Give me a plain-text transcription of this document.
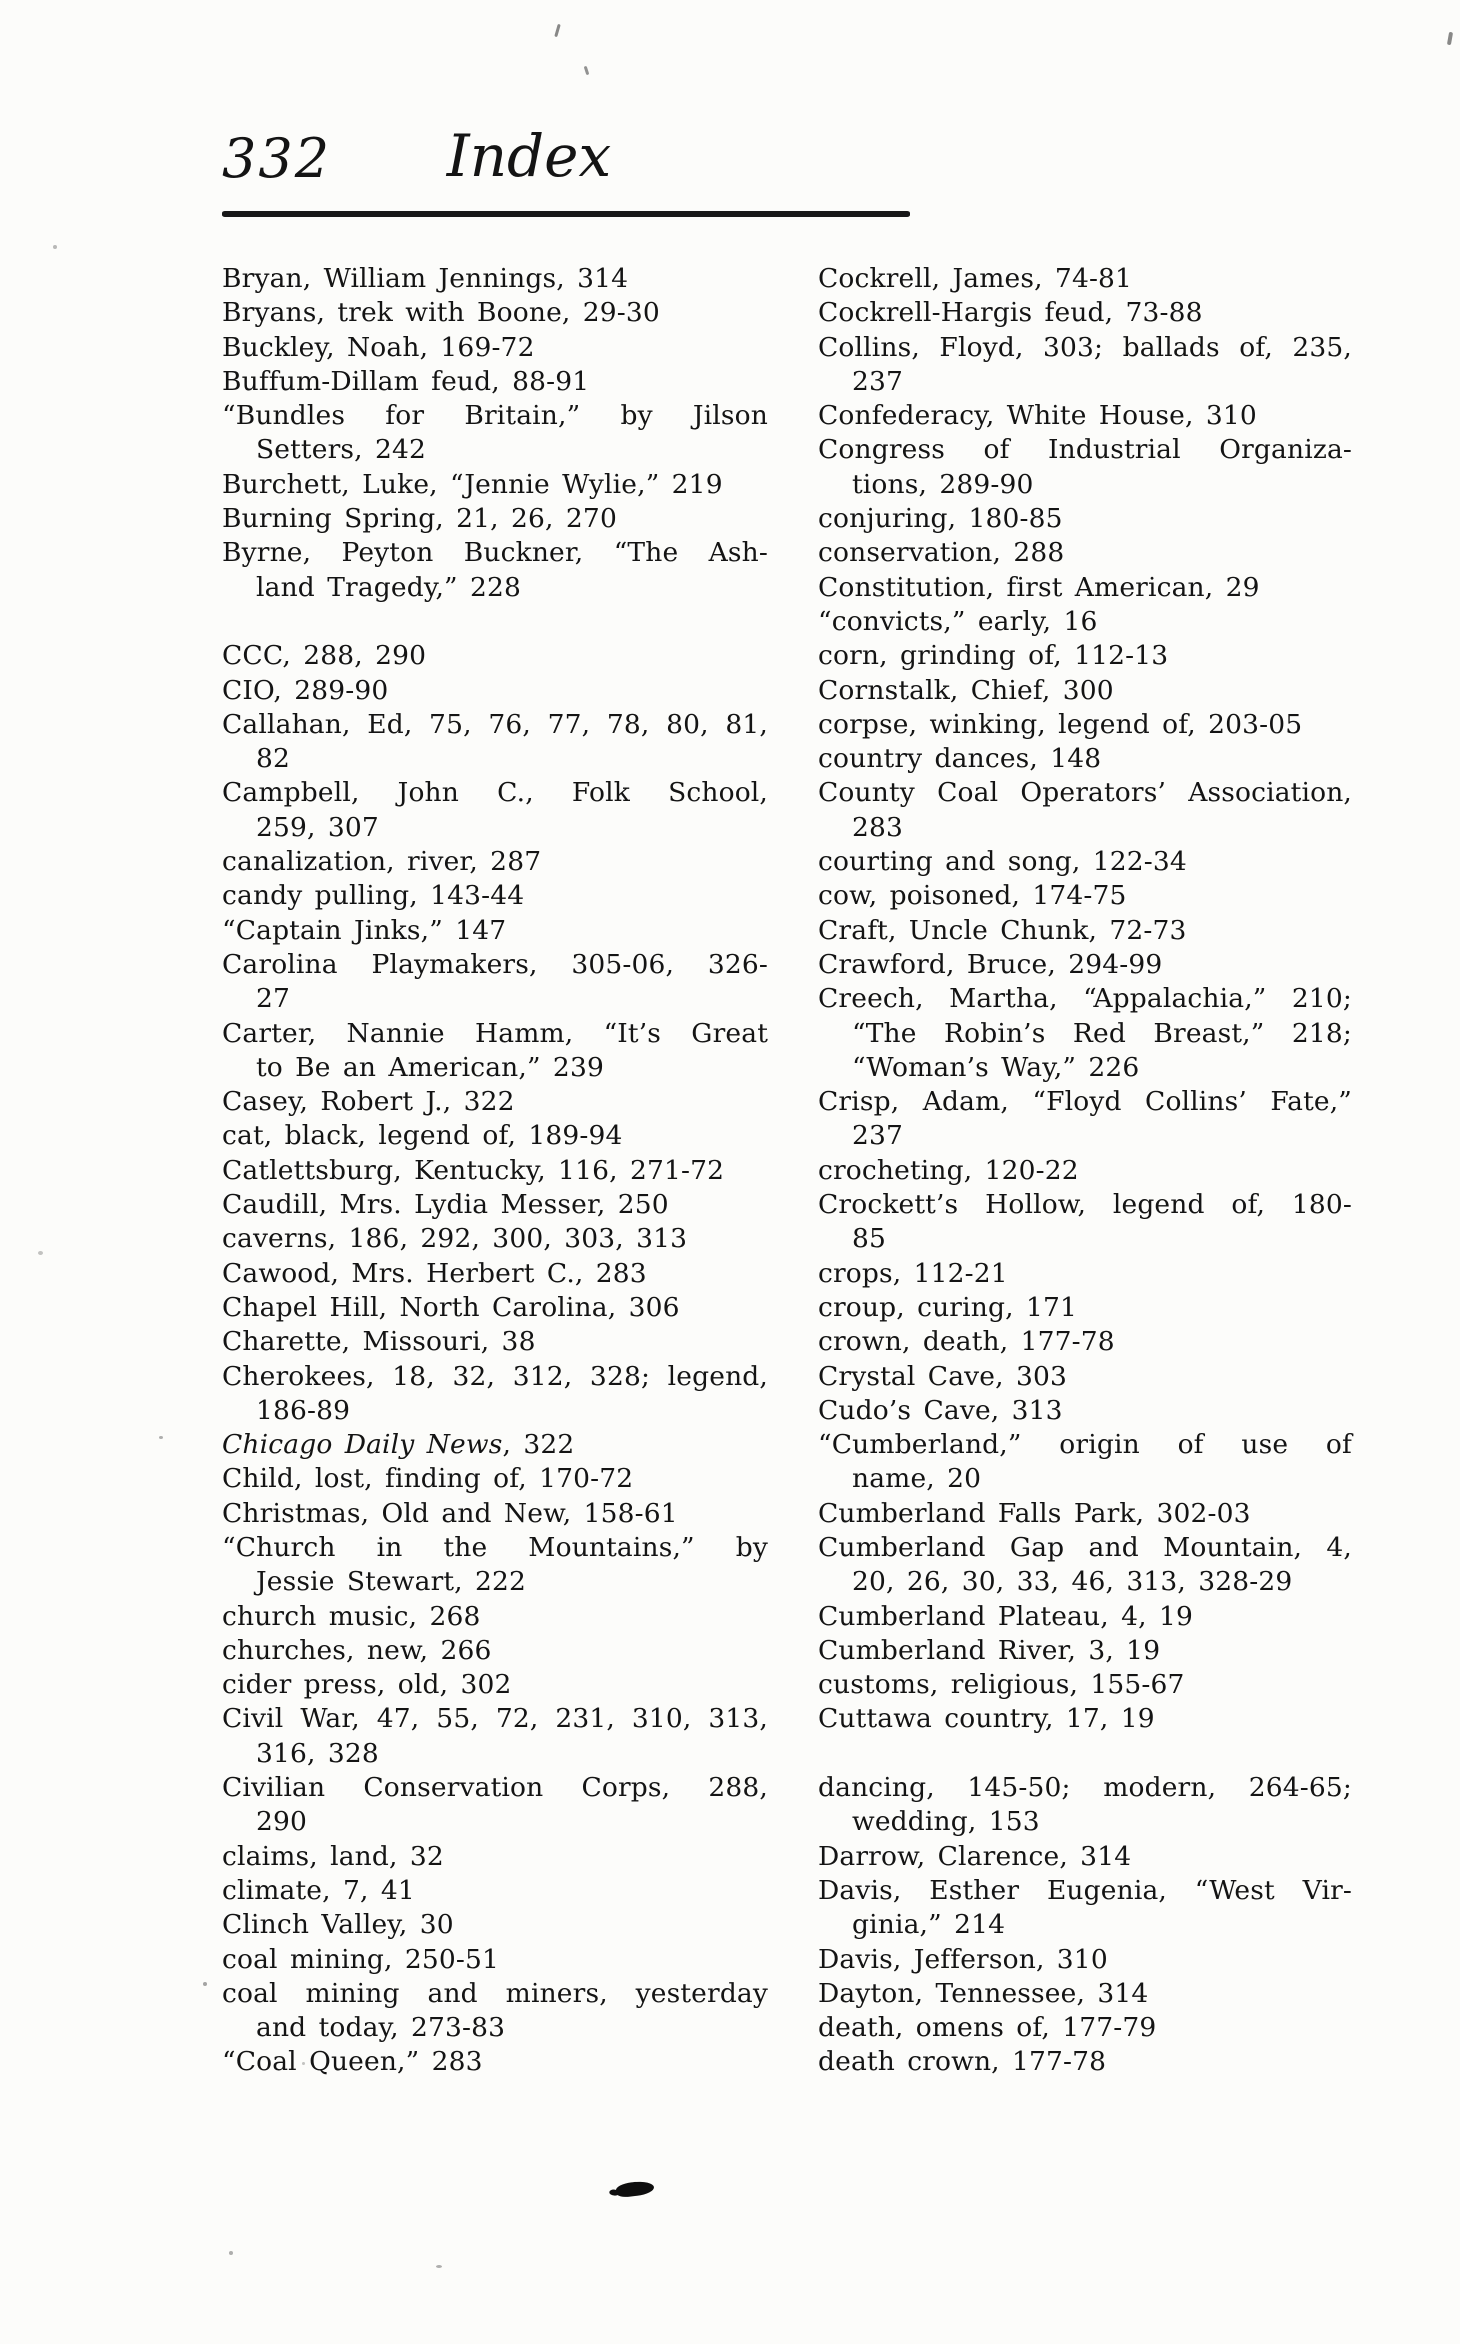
332 Index
Bryan, William Jennings, 314
Bryans, trek with Boone, 29-30
Buckley, Noah, 169-72
Buffum-Dillam feud, 88-91
“Bundles for Britain,” by Jilson
Setters, 242
Burchett, Luke, “Jennie Wylie,” 219
Burning Spring, 21, 26, 270
Byrne, Peyton Buckner, “The Ash-
land Tragedy,” 228
CCC, 288, 290
CIO, 289-90
Callahan, Ed, 75, 76, 77, 78, 80, 81,
82
Campbell, John C., Folk School,
259, 307
canalization, river, 287
candy pulling, 143-44
“Captain Jinks,” 147
Carolina Playmakers, 305-06, 326-
27
Carter, Nannie Hamm, “It’s Great
to Be an American,” 239
Casey, Robert J., 322
cat, black, legend of, 189-94
Catlettsburg, Kentucky, 116, 271-72
Caudill, Mrs. Lydia Messer, 250
caverns, 186, 292, 300, 303, 313
Cawood, Mrs. Herbert C., 283
Chapel Hill, North Carolina, 306
Charette, Missouri, 38
Cherokees, 18, 32, 312, 328; legend,
186-89
Chicago Daily News, 322
Child, lost, finding of, 170-72
Christmas, Old and New, 158-61
“Church in the Mountains,” by
Jessie Stewart, 222
church music, 268
churches, new, 266
cider press, old, 302
Civil War, 47, 55, 72, 231, 310, 313,
316, 328
Civilian Conservation Corps, 288,
290
claims, land, 32
climate, 7, 41
Clinch Valley, 30
coal mining, 250-51
coal mining and miners, yesterday
and today, 273-83
“Coal Queen,” 283
Cockrell, James, 74-81
Cockrell-Hargis feud, 73-88
Collins, Floyd, 303; ballads of, 235,
237
Confederacy, White House, 310
Congress of Industrial Organiza-
tions, 289-90
conjuring, 180-85
conservation, 288
Constitution, first American, 29
“convicts,” early, 16
corn, grinding of, 112-13
Cornstalk, Chief, 300
corpse, winking, legend of, 203-05
country dances, 148
County Coal Operators’ Association,
283
courting and song, 122-34
cow, poisoned, 174-75
Craft, Uncle Chunk, 72-73
Crawford, Bruce, 294-99
Creech, Martha, “Appalachia,” 210;
“The Robin’s Red Breast,” 218;
“Woman’s Way,” 226
Crisp, Adam, “Floyd Collins’ Fate,”
237
crocheting, 120-22
Crockett’s Hollow, legend of, 180-
85
crops, 112-21
croup, curing, 171
crown, death, 177-78
Crystal Cave, 303
Cudo’s Cave, 313
“Cumberland,” origin of use of
name, 20
Cumberland Falls Park, 302-03
Cumberland Gap and Mountain, 4,
20, 26, 30, 33, 46, 313, 328-29
Cumberland Plateau, 4, 19
Cumberland River, 3, 19
customs, religious, 155-67
Cuttawa country, 17, 19
dancing, 145-50; modern, 264-65;
wedding, 153
Darrow, Clarence, 314
Davis, Esther Eugenia, “West Vir-
ginia,” 214
Davis, Jefferson, 310
Dayton, Tennessee, 314
death, omens of, 177-79
death crown, 177-78
